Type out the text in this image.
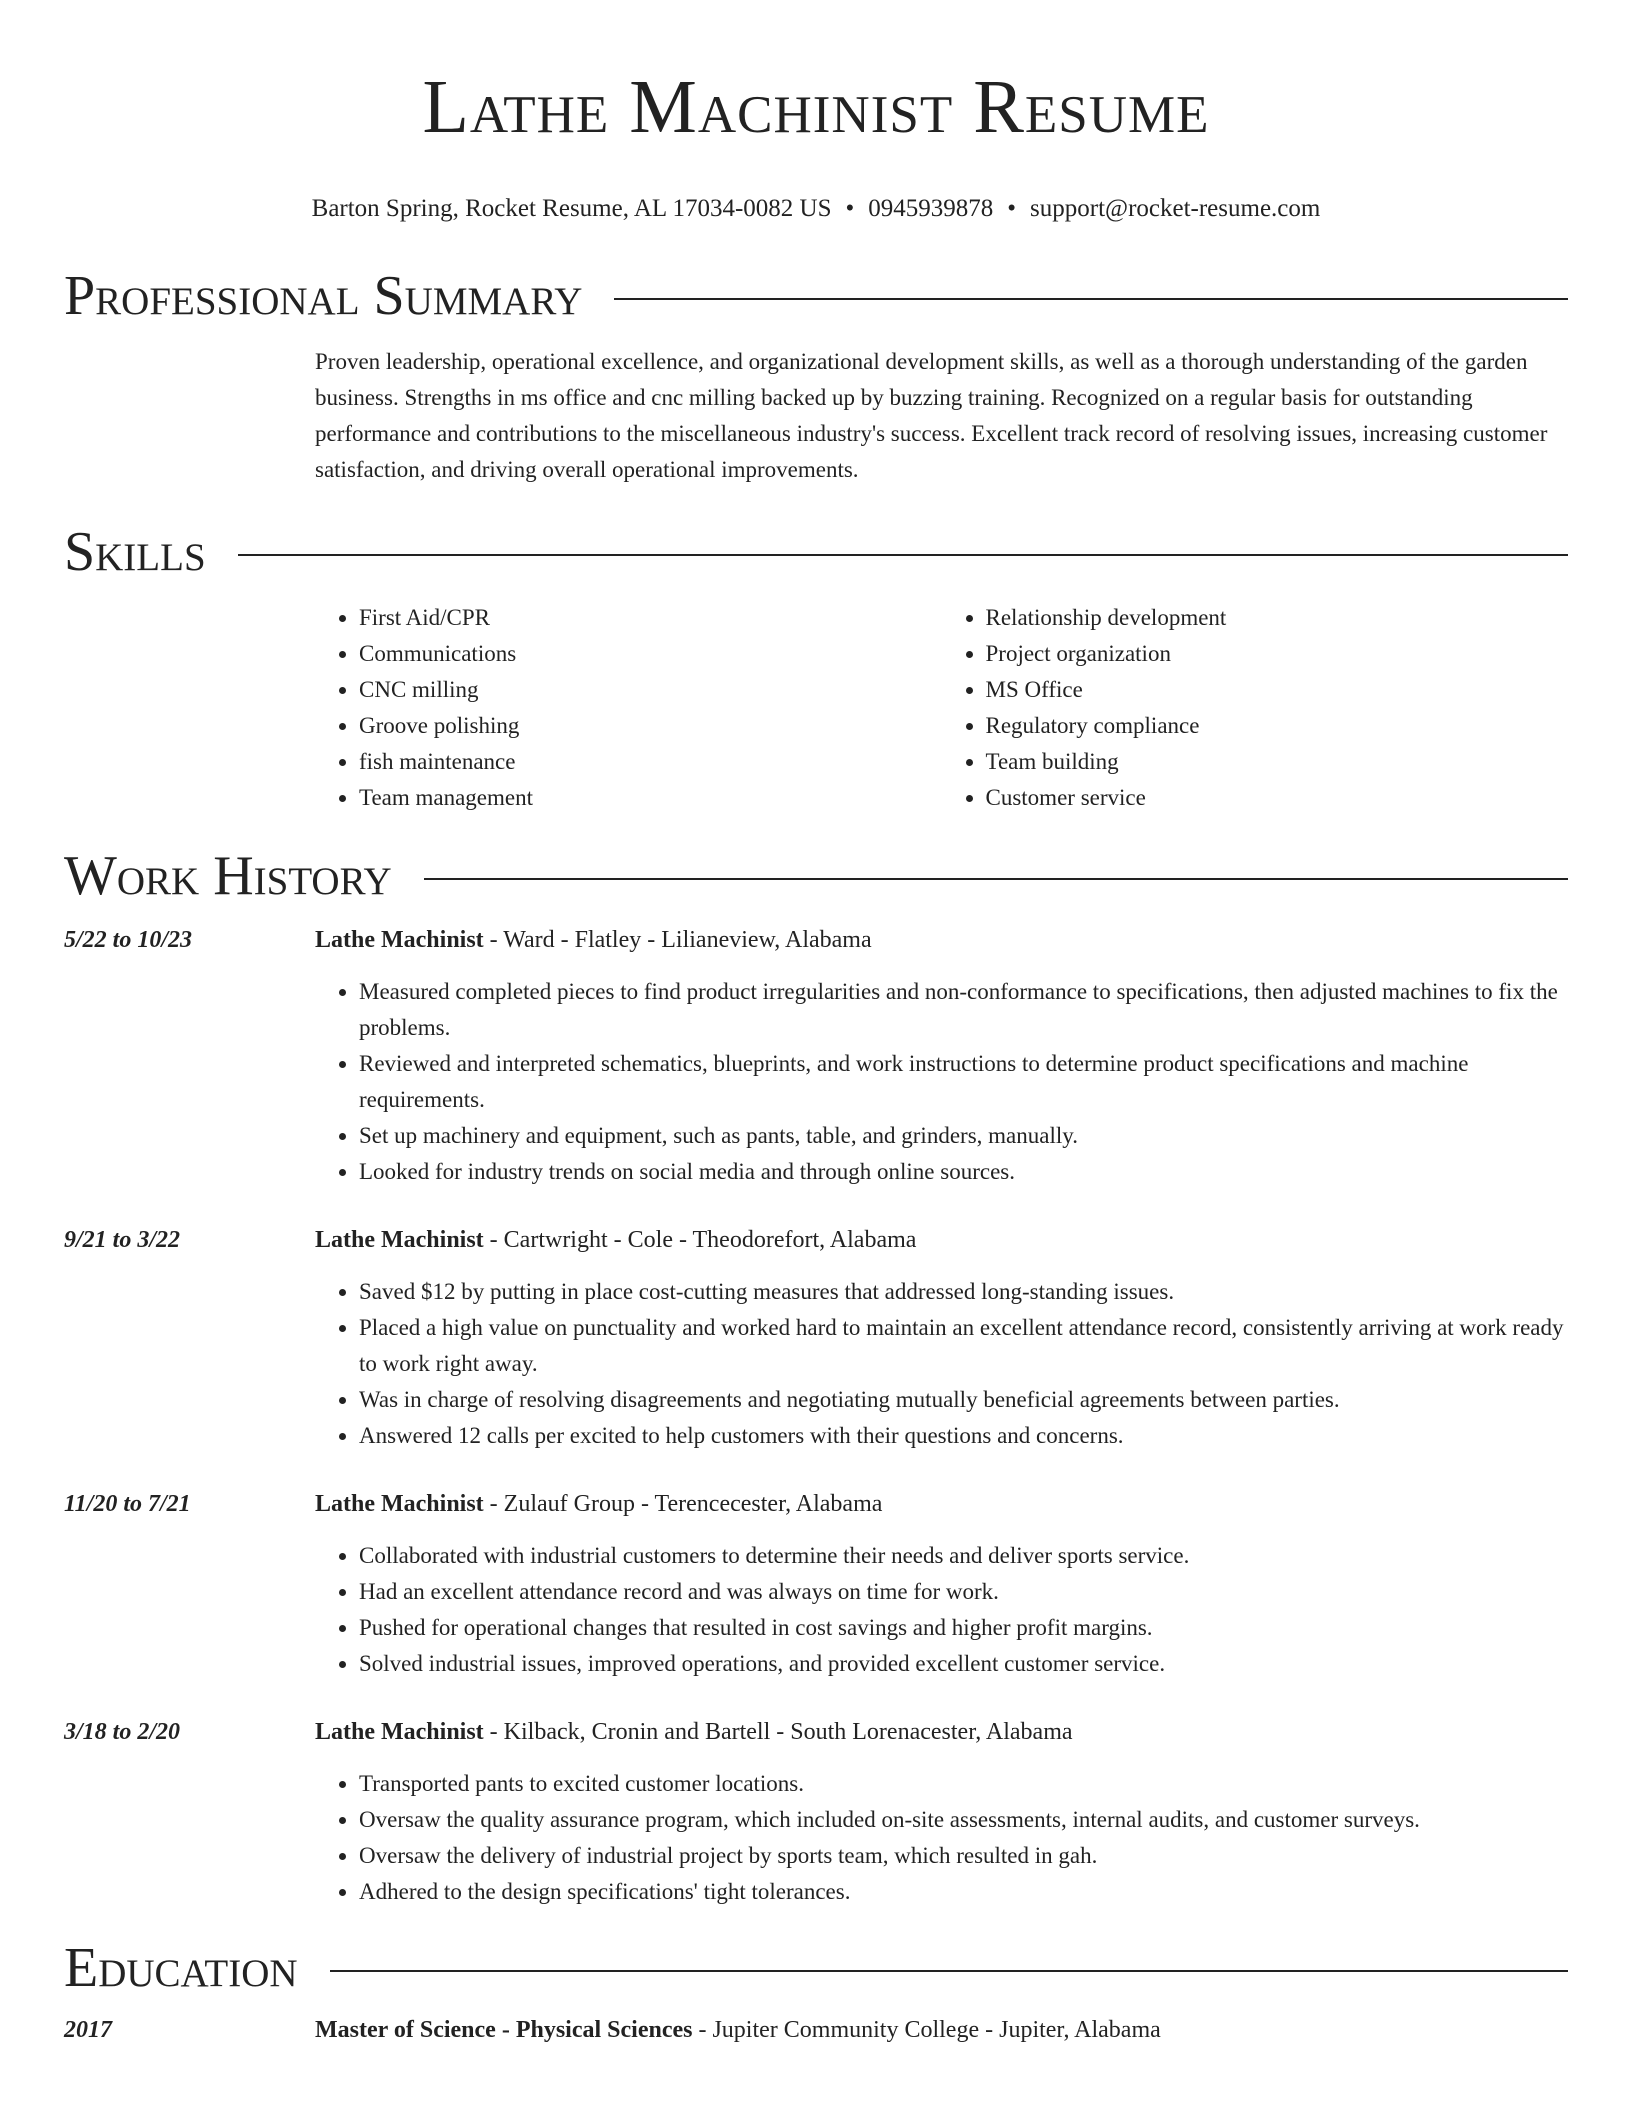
Lathe Machinist Resume
Barton Spring, Rocket Resume, AL 17034-0082 US • 0945939878 • support@rocket-resume.com
Professional Summary

Proven leadership, operational excellence, and organizational development skills, as well as a thorough understanding of the garden business. Strengths in ms office and cnc milling backed up by buzzing training. Recognized on a regular basis for outstanding performance and contributions to the miscellaneous industry's success. Excellent track record of resolving issues, increasing customer satisfaction, and driving overall operational improvements.

Skills
• First Aid/CPR
• Communications
• CNC milling
• Groove polishing
• fish maintenance
• Team management
• Relationship development
• Project organization
• MS Office
• Regulatory compliance
• Team building
• Customer service
Work History
5/22 to 10/23	Lathe Machinist - Ward - Flatley - Lilianeview, Alabama
• Measured completed pieces to find product irregularities and non-conformance to specifications, then adjusted machines to fix the problems.
• Reviewed and interpreted schematics, blueprints, and work instructions to determine product specifications and machine requirements.
• Set up machinery and equipment, such as pants, table, and grinders, manually.
• Looked for industry trends on social media and through online sources.
9/21 to 3/22	Lathe Machinist - Cartwright - Cole - Theodorefort, Alabama
• Saved $12 by putting in place cost-cutting measures that addressed long-standing issues.
• Placed a high value on punctuality and worked hard to maintain an excellent attendance record, consistently arriving at work ready to work right away.
• Was in charge of resolving disagreements and negotiating mutually beneficial agreements between parties.
• Answered 12 calls per excited to help customers with their questions and concerns.
11/20 to 7/21	Lathe Machinist - Zulauf Group - Terencecester, Alabama
• Collaborated with industrial customers to determine their needs and deliver sports service.
• Had an excellent attendance record and was always on time for work.
• Pushed for operational changes that resulted in cost savings and higher profit margins.
• Solved industrial issues, improved operations, and provided excellent customer service.
3/18 to 2/20	Lathe Machinist - Kilback, Cronin and Bartell - South Lorenacester, Alabama
• Transported pants to excited customer locations.
• Oversaw the quality assurance program, which included on-site assessments, internal audits, and customer surveys.
• Oversaw the delivery of industrial project by sports team, which resulted in gah.
• Adhered to the design specifications' tight tolerances.
Education
2017	Master of Science - Physical Sciences - Jupiter Community College - Jupiter, Alabama
